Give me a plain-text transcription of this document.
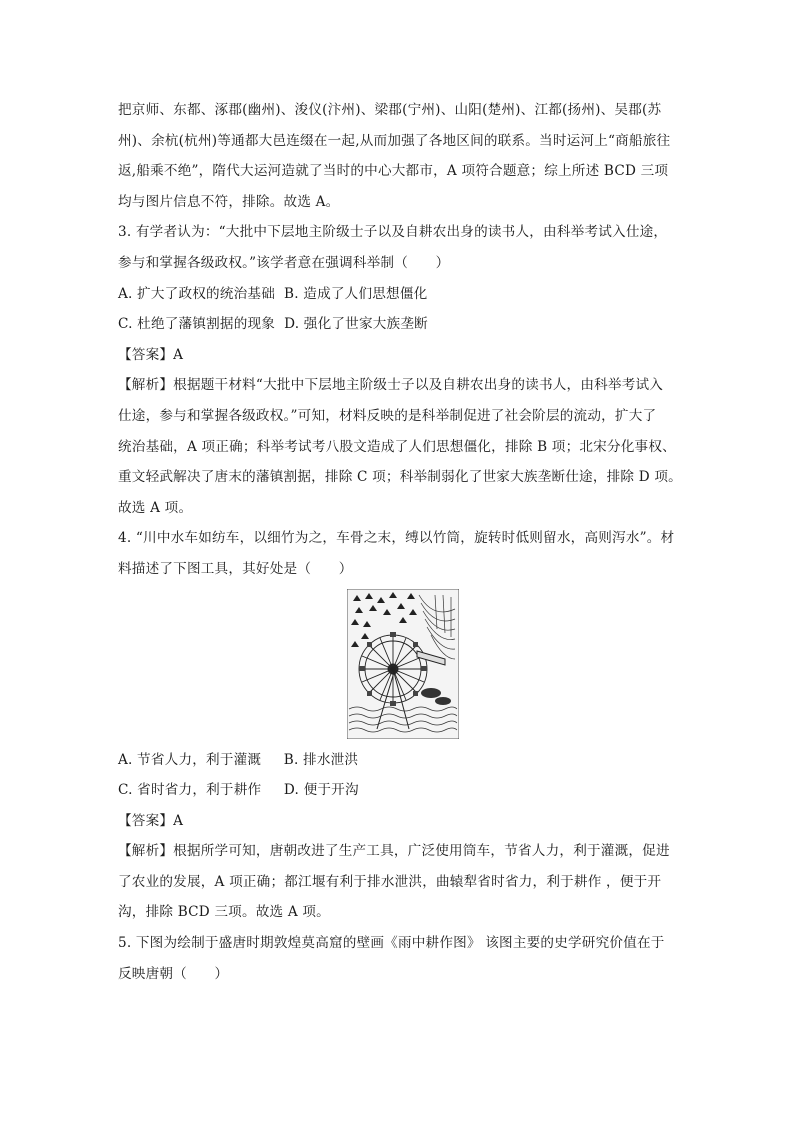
把京师、东都、涿郡(幽州)、浚仪(汴州)、梁郡(宁州)、山阳(楚州)、江都(扬州)、吴郡(苏

州)、余杭(杭州)等通都大邑连缀在一起,从而加强了各地区间的联系。当时运河上“商船旅往

返,船乘不绝”，隋代大运河造就了当时的中心大都市，A 项符合题意；综上所述 BCD 三项

均与图片信息不符，排除。故选 A。

3. 有学者认为：“大批中下层地主阶级士子以及自耕农出身的读书人，由科举考试入仕途，

参与和掌握各级政权。”该学者意在强调科举制（　　）

A. 扩大了政权的统治基础  B. 造成了人们思想僵化

C. 杜绝了藩镇割据的现象  D. 强化了世家大族垄断

【答案】A

【解析】根据题干材料“大批中下层地主阶级士子以及自耕农出身的读书人，由科举考试入

仕途，参与和掌握各级政权。”可知，材料反映的是科举制促进了社会阶层的流动，扩大了

统治基础，A 项正确；科举考试考八股文造成了人们思想僵化，排除 B 项；北宋分化事权、

重文轻武解决了唐末的藩镇割据，排除 C 项；科举制弱化了世家大族垄断仕途，排除 D 项。

故选 A 项。

4. “川中水车如纺车，以细竹为之，车骨之末，缚以竹筒，旋转时低则留水，高则泻水”。材

料描述了下图工具，其好处是（　　）

A. 节省人力，利于灌溉     B. 排水泄洪

C. 省时省力，利于耕作     D. 便于开沟

【答案】A

【解析】根据所学可知，唐朝改进了生产工具，广泛使用筒车，节省人力，利于灌溉，促进

了农业的发展，A 项正确；都江堰有利于排水泄洪，曲辕犁省时省力，利于耕作 ，便于开

沟，排除 BCD 三项。故选 A 项。

5. 下图为绘制于盛唐时期敦煌莫高窟的壁画《雨中耕作图》 该图主要的史学研究价值在于

反映唐朝（　　）
